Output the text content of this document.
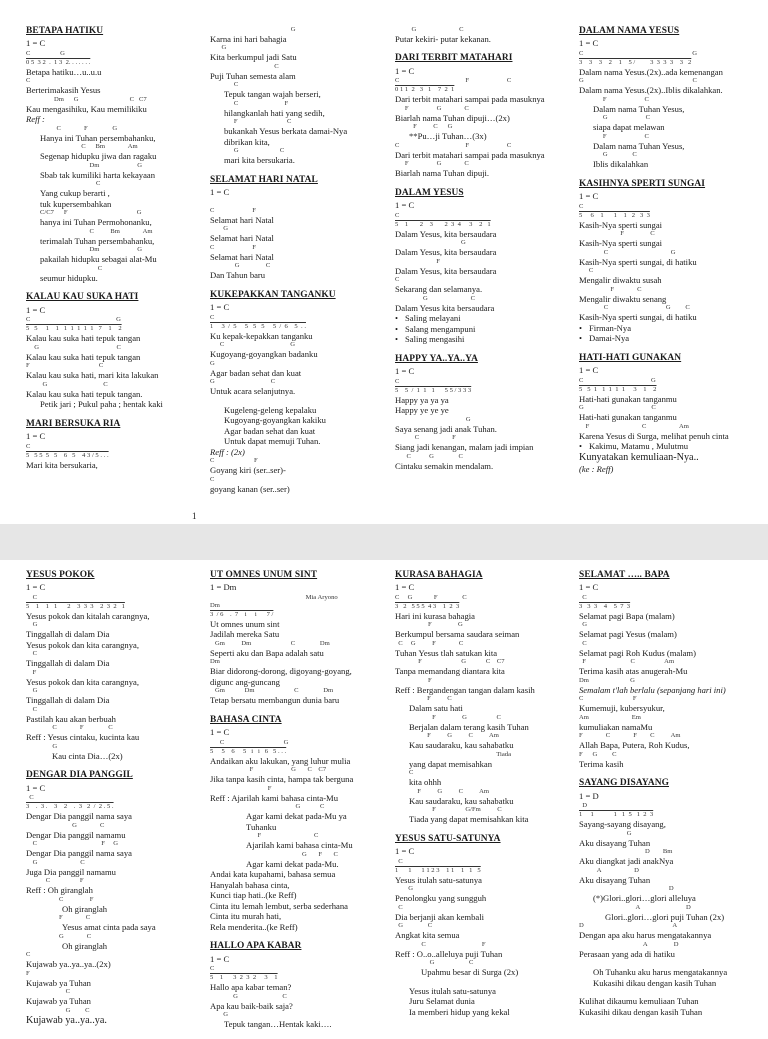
1
BETAPA HATIKU
1 = C
C                  G
0 5  3 2  .  1 3  2. . . . . . .
Betapa hatiku…u..u.u
C
Berterimakasih Yesus
Dm      G                               C   C7
Kau mengasihiku, Kau memilikiku
Reff :
C              F               G
Hanya ini Tuhan persembahanku,
C      Bm              Am
Segenap hidupku jiwa dan ragaku
Dm                       G
Sbab tak kumiliki harta kekayaan
C
Yang cukup berarti ,
tuk kupersembahkan
C/C7      F                                          G
hanya ini Tuhan Permohonanku,
C          Bm              Am
terimalah Tuhan persembahanku,
Dm                       G
pakailah hidupku sebagai alat-Mu
C
seumur hidupku.
KALAU KAU SUKA HATI
1 = C
C                                                    G
5   5     1    1   1  1  1  1  1   7    1    2
Kalau kau suka hati tepuk tangan
G                                               C
Kalau kau suka hati tepuk tangan
F                                          C
Kalau kau suka hati, mari kita lakukan
G                                  C
Kalau kau suka hati tepuk tangan.
Petik jari ; Pukul paha ; hentak kaki
MARI BERSUKA RIA
1 = C
C
5   5 5  5   5    6   5    4 3 / 5 . . .
Mari kita bersukaria,
G
Karna ini hari bahagia
G
Kita berkumpul jadi Satu
C
Puji Tuhan semesta alam
C
Tepuk tangan wajah berseri,
C                            F
hilangkanlah hati yang sedih,
F                              C
bukankah Yesus berkata damai-Nya
dibrikan kita,
G                         C
mari kita bersukaria.
SELAMAT HARI NATAL
1 = C

C                       F
Selamat hari Natal
G
Selamat hari Natal
C                       F
Selamat hari Natal
G                C
Dan Tahun baru
KUKEPAKKAN TANGANKU
1 = C
C
1     3  /  5     5   5   5     5  /  6    5  . .
Ku kepak-kepakkan tanganku
C                                        G
Kugoyang-goyangkan badanku
G
Agar badan sehat dan kuat
G                                  C
Untuk acara selanjutnya.

Kugeleng-geleng kepalaku
Kugoyang-goyangkan kakiku
Agar badan sehat dan kuat
Untuk dapat memuji Tuhan.
Reff : (2x)
C                        F
Goyang kiri (ser..ser)-
C
goyang kanan (ser..ser)
G                          C
Putar kekiri- putar kekanan.
DARI TERBIT MATAHARI
1 = C
C                                        F                       C
0 1 1  2   3   1    7  2  1
Dari terbit matahari sampai pada masuknya
F                 G              C
Biarlah nama Tuhan dipuji…(2x)
F          C      G
**Pu…ji Tuhan…(3x)
C                                        F                       C
Dari terbit matahari sampai pada masuknya
F                 G              C
Biarlah nama Tuhan dipuji.
DALAM YESUS
1 = C
C
5    1       2    3       2  3  4     3    2   1
Dalam Yesus, kita bersaudara
G
Dalam Yesus, kita bersaudara
F
Dalam Yesus, kita bersaudara
C
Sekarang dan selamanya.
G                          C
Dalam Yesus kita bersaudara
• Saling melayani
• Salang mengampuni
• Saling mengasihi
HAPPY YA..YA..YA
1 = C
C
5    5  /  1  1   1      5 5 / 3 3 3
Happy ya ya ya
Happy ye ye ye
G
Saya senang jadi anak Tuhan.
C                    F
Siang jadi kenangan, malam jadi impian
C           G               C
Cintaku semakin mendalam.
DALAM NAMA YESUS
1 = C
C                                                                  G
3    3    3    2    1    5 /         3  3  3  3    3   2
Dalam nama Yesus.(2x)..ada kemenangan
G                                                                  C
Dalam nama Yesus.(2x)..Iblis dikalahkan.
F                       C
Dalam nama Tuhan Yesus,
G                       C
siapa dapat melawan
F                       C
Dalam nama Tuhan Yesus,
G               C
Iblis dikalahkan
KASIHNYA SPERTI SUNGAI
1 = C
C
5     6    1      1    1   2   3  3
Kasih-Nya sperti sungai
F                C
Kasih-Nya sperti sungai
C                                      G
Kasih-Nya sperti sungai, di hatiku
C
Mengalir diwaktu susah
F              C
Mengalir diwaktu senang
C                                   G         C
Kasih-Nya sperti sungai, di hatiku
• Firman-Nya
• Damai-Nya
HATI-HATI GUNAKAN
1 = C
C                                         G
5   5  1   1  1  1  1     3    1    2
Hati-hati gunakan tanganmu
G                                         C
Hati-hati gunakan tanganmu
F                                C                    Am
Karena Yesus di Surga, melihat penuh cinta
• Kakimu, Matamu , Mulutmu
Kunyatakan kemuliaan-Nya..
(ke : Reff)
YESUS POKOK
1 = C
C
5    1    1   1      2    3  3  3    2  3  2   1
Yesus pokok dan kitalah carangnya,
G
Tinggallah di dalam Dia
Yesus pokok dan kita carangnya,
C
Tinggallah di dalam Dia
F
Yesus pokok dan kita carangnya,
G
Tinggallah di dalam Dia
C
Pastilah kau akan berbuah
C              F               C
Reff : Yesus cintaku, kucinta kau
G
Kau cinta Dia…(2x)
DENGAR DIA PANGGIL
1 = C
C
3    .  3 .    3    2    .  3   2  /  2 . 5 .
Dengar Dia panggil nama saya
G              C
Dengar Dia panggil namamu
C                                       F     G
Dengar Dia panggil nama saya
G                          C
Juga Dia panggil namamu
C                  F
Reff : Oh giranglah
C                F
Oh giranglah
F              C
Yesus amat cinta pada saya
G              C
Oh giranglah
C
Kujawab ya..ya..ya..(2x)
F
Kujawab ya Tuhan
C
Kujawab ya Tuhan
G         C
Kujawab ya..ya..ya.
UT OMNES UNUM SINT
1 = Dm
Mia Aryono
Dm
3  / 6    .  7    i     i      7 /
Ut omnes unum sint
Jadilah mereka Satu
Gm          Dm                        C               Dm
Seperti aku dan Bapa adalah satu
Dm
Biar didorong-dorong, digoyang-goyang,
digunc ang-guncang
Gm            Dm                        C               Dm
Tetap bersatu membangun dunia baru
BAHASA CINTA
1 = C
C                                    G
5     5    6     5   i   i   6   5 . . .
Andaikan aku lakukan, yang luhur mulia
F                       G       C    C7
Jika tanpa kasih cinta, hampa tak berguna
F
Reff : Ajarilah kami bahasa cinta-Mu
G            C
Agar kami dekat pada-Mu ya
Tuhanku
F                                C
Ajarilah kami bahasa cinta-Mu
G       F       C
Agar kami dekat pada-Mu.
Andai kata kupahami, bahasa semua
Hanyalah bahasa cinta,
Kunci tiap hati..(ke Reff)
Cinta itu lemah lembut, serba sederhana
Cinta itu murah hati,
Rela menderita..(ke Reff)
HALLO APA KABAR
1 = C
C
5    1      3  2  3  2     3    1
Hallo apa kabar teman?
G                           C
Apa kau baik-baik saja?
G
Tepuk tangan…Hentak kaki….
KURASA BAHAGIA
1 = C
C     G             F               C
3   2   5 5 5  4 3    1  2  3
Hari ini kurasa bahagia
F                G
Berkumpul bersama saudara seiman
C     G          F              C
Tuhan Yesus tlah satukan kita
F                        G            C    C7
Tanpa memandang diantara kita
F
Reff : Bergandengan tangan dalam kasih
F          C
Dalam satu hati
F                G                  C
Berjalan dalam terang kasih Tuhan
F          G          C          Am
Kau saudaraku, kau sahabatku
Tiada
yang dapat memisahkan
C
kita ohhh
F          G          C          Am
Kau saudaraku, kau sahabatku
F                  G/Fm          C
Tiada yang dapat memisahkan kita
YESUS SATU-SATUNYA
1 = C
C
1      1      1 1 2 3    1 1    1   1   5
Yesus itulah satu-satunya
G
Penolongku yang sungguh
C
Dia berjanji akan kembali
G               C
Angkat kita semua
C                                  F
Reff : O..o..alleluya puji Tuhan
G                     C
Upahmu besar di Surga (2x)

Yesus itulah satu-satunya
Juru Selamat dunia
Ia memberi hidup yang kekal
SELAMAT ….. BAPA
1 = C
C
3   3  3    4    5  7  3
Selamat pagi Bapa (malam)
G
Selamat pagi Yesus (malam)
C
Selamat pagi Roh Kudus (malam)
F                           C                  Am
Terima kasih atas anugerah-Mu
Dm                         G
Semalam t'lah berlalu (sepanjang hari ini)
C                              F
Kumemuji, kubersyukur,
Am                          Em
kumuliakan namaMu
F              C              F        C          Am
Allah Bapa, Putera, Roh Kudus,
F      G         C
Terima kasih
SAYANG DISAYANG
1 = D
D
1     1            1   1  5   1  2  3
Sayang-sayang disayang,
G
Aku disayang Tuhan
D        Bm
Aku diangkat jadi anakNya
A                    D
Aku disayang Tuhan
D
(*)Glori..glori…glori alleluya
A                            D
Glori..glori…glori puji Tuhan (2x)
D                                                      A
Dengan apa aku harus mengatakannya
A                D
Perasaan yang ada di hatiku

Oh Tuhanku aku harus mengatakannya
Kukasihi dikau dengan kasih Tuhan

Kulihat dikaumu kemuliaan Tuhan
Kukasihi dikau dengan kasih Tuhan
